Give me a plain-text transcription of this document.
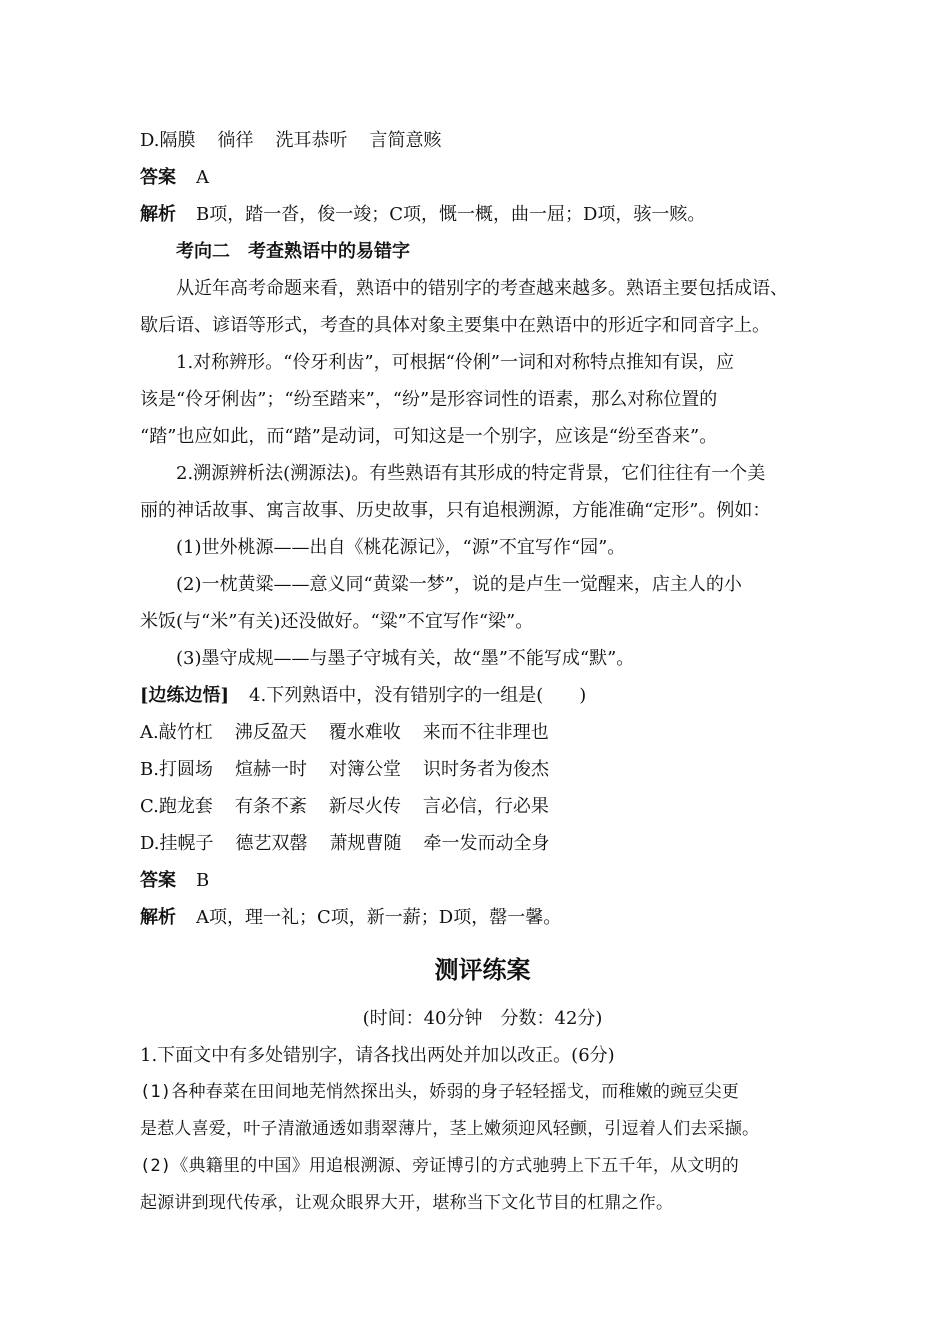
D.隔膜 徜徉 洗耳恭听 言简意赅
答案 A
解析 B项，踏一沓，俊一竣；C项，慨一概，曲一屈；D项，骇一赅。
考向二　考查熟语中的易错字
从近年高考命题来看，熟语中的错别字的考查越来越多。熟语主要包括成语、
歇后语、谚语等形式，考查的具体对象主要集中在熟语中的形近字和同音字上。
1.对称辨形。“伶牙利齿”，可根据“伶俐”一词和对称特点推知有误，应
该是“伶牙俐齿”；“纷至踏来”，“纷”是形容词性的语素，那么对称位置的
“踏”也应如此，而“踏”是动词，可知这是一个别字，应该是“纷至沓来”。
2.溯源辨析法(溯源法)。有些熟语有其形成的特定背景，它们往往有一个美
丽的神话故事、寓言故事、历史故事，只有追根溯源，方能准确“定形”。例如：
(1)世外桃源——出自《桃花源记》，“源”不宜写作“园”。
(2)一枕黄粱——意义同“黄粱一梦”，说的是卢生一觉醒来，店主人的小
米饭(与“米”有关)还没做好。“粱”不宜写作“梁”。
(3)墨守成规——与墨子守城有关，故“墨”不能写成“默”。
[边练边悟] 4.下列熟语中，没有错别字的一组是(　　)
A.敲竹杠 沸反盈天 覆水难收 来而不往非理也
B.打圆场 煊赫一时 对簿公堂 识时务者为俊杰
C.跑龙套 有条不紊 新尽火传 言必信，行必果
D.挂幌子 德艺双罄 萧规曹随 牵一发而动全身
答案 B
解析 A项，理一礼；C项，新一薪；D项，罄一馨。
测评练案
(时间：40分钟　分数：42分)
1.下面文中有多处错别字，请各找出两处并加以改正。(6分)
(1)各种春菜在田间地芜悄然探出头，娇弱的身子轻轻摇戈，而稚嫩的豌豆尖更
是惹人喜爱，叶子清澈通透如翡翠薄片，茎上嫩须迎风轻颤，引逗着人们去采撷。
(2)《典籍里的中国》用追根溯源、旁证博引的方式驰骋上下五千年，从文明的
起源讲到现代传承，让观众眼界大开，堪称当下文化节目的杠鼎之作。
